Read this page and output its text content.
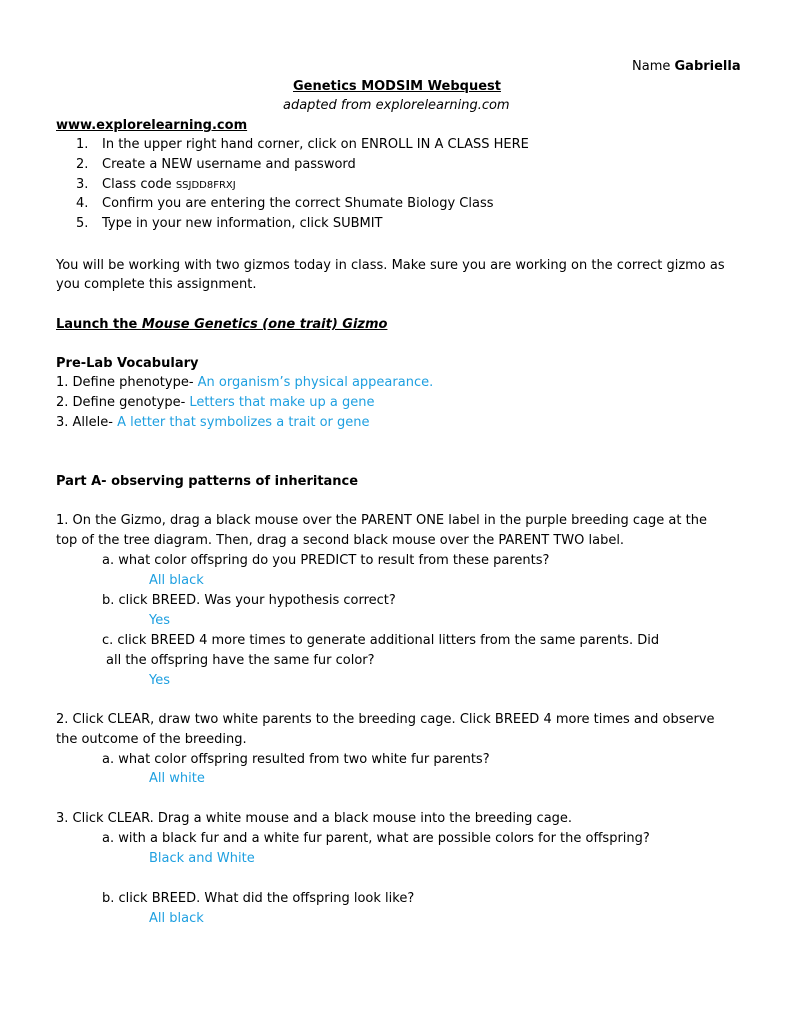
Name Gabriella
Genetics MODSIM Webquest
adapted from explorelearning.com
www.explorelearning.com
1. In the upper right hand corner, click on ENROLL IN A CLASS HERE
2. Create a NEW username and password
3. Class code SSJDD8FRXJ
4. Confirm you are entering the correct Shumate Biology Class
5. Type in your new information, click SUBMIT
You will be working with two gizmos today in class. Make sure you are working on the correct gizmo as
you complete this assignment.
Launch the Mouse Genetics (one trait) Gizmo
Pre-Lab Vocabulary
1. Define phenotype- An organism’s physical appearance.
2. Define genotype- Letters that make up a gene
3. Allele- A letter that symbolizes a trait or gene
Part A- observing patterns of inheritance
1. On the Gizmo, drag a black mouse over the PARENT ONE label in the purple breeding cage at the
top of the tree diagram. Then, drag a second black mouse over the PARENT TWO label.
a. what color offspring do you PREDICT to result from these parents?
All black
b. click BREED. Was your hypothesis correct?
Yes
c. click BREED 4 more times to generate additional litters from the same parents. Did
all the offspring have the same fur color?
Yes
2. Click CLEAR, draw two white parents to the breeding cage. Click BREED 4 more times and observe
the outcome of the breeding.
a. what color offspring resulted from two white fur parents?
All white
3. Click CLEAR. Drag a white mouse and a black mouse into the breeding cage.
a. with a black fur and a white fur parent, what are possible colors for the offspring?
Black and White
b. click BREED. What did the offspring look like?
All black
